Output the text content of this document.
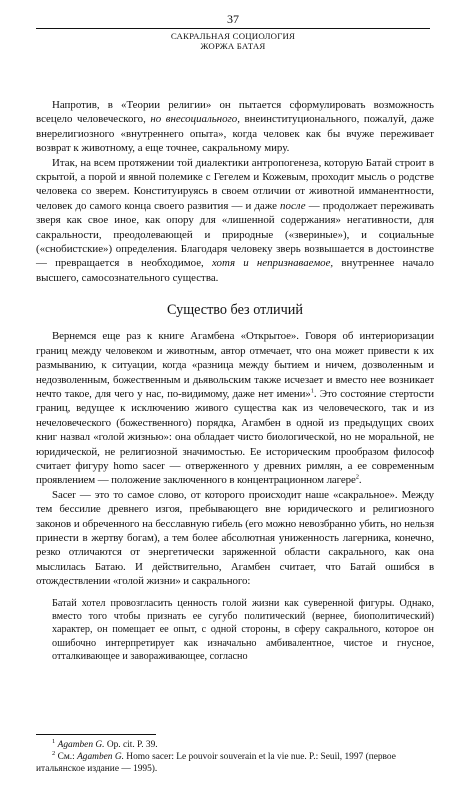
37
САКРАЛЬНАЯ СОЦИОЛОГИЯ
ЖОРЖА БАТАЯ

Напротив, в «Теории религии» он пытается сформулировать возможность всецело человеческого, но внесоциального, внеинституционального, пожалуй, даже внерелигиозного «внутреннего опыта», когда человек как бы вчуже переживает возврат к животному, а еще точнее, сакральному миру.

Итак, на всем протяжении той диалектики антропогенеза, которую Батай строит в скрытой, а порой и явной полемике с Гегелем и Кожевым, проходит мысль о родстве человека со зверем. Конституируясь в своем отличии от животной имманентности, человек до самого конца своего развития — и даже после — продолжает переживать зверя как свое иное, как опору для «лишенной содержания» негативности, для сакральности, преодолевающей и природные («звериные»), и социальные («снобистские») определения. Благодаря человеку зверь возвышается в достоинстве — превращается в необходимое, хотя и непризнаваемое, внутреннее начало высшего, самосознательного существа.

Существо без отличий

Вернемся еще раз к книге Агамбена «Открытое». Говоря об интериоризации границ между человеком и животным, автор отмечает, что она может привести к их размыванию, к ситуации, когда «разница между бытием и ничем, дозволенным и недозволенным, божественным и дьявольским также исчезает и вместо нее возникает нечто такое, для чего у нас, по-видимому, даже нет имени»$^1$. Это состояние стертости границ, ведущее к исключению живого существа как из человеческого, так и из нечеловеческого (божественного) порядка, Агамбен в одной из предыдущих своих книг назвал «голой жизнью»: она обладает чисто биологической, но не моральной, не юридической, не религиозной значимостью. Ее историческим прообразом философ считает фигуру homo sacer — отверженного у древних римлян, а ее современным проявлением — положение заключенного в концентрационном лагере$^2$.

Sacer — это то самое слово, от которого происходит наше «сакральное». Между тем бессилие древнего изгоя, пребывающего вне юридического и религиозного законов и обреченного на бесславную гибель (его можно невозбранно убить, но нельзя принести в жертву богам), а тем более абсолютная униженность лагерника, конечно, резко отличаются от энергетически заряженной области сакрального, как она мыслилась Батаю. И действительно, Агамбен считает, что Батай ошибся в отождествлении «голой жизни» и сакрального:

Батай хотел провозгласить ценность голой жизни как суверенной фигуры. Однако, вместо того чтобы признать ее сугубо политический (вернее, биополитический) характер, он помещает ее опыт, с одной стороны, в сферу сакрального, которое он ошибочно интерпретирует как изначально амбивалентное, чистое и гнусное, отталкивающее и завораживающее, согласно

$^1$ Agamben G. Op. cit. P. 39.

$^2$ См.: Agamben G. Homo sacer: Le pouvoir souverain et la vie nue. P.: Seuil, 1997 (первое итальянское издание — 1995).
